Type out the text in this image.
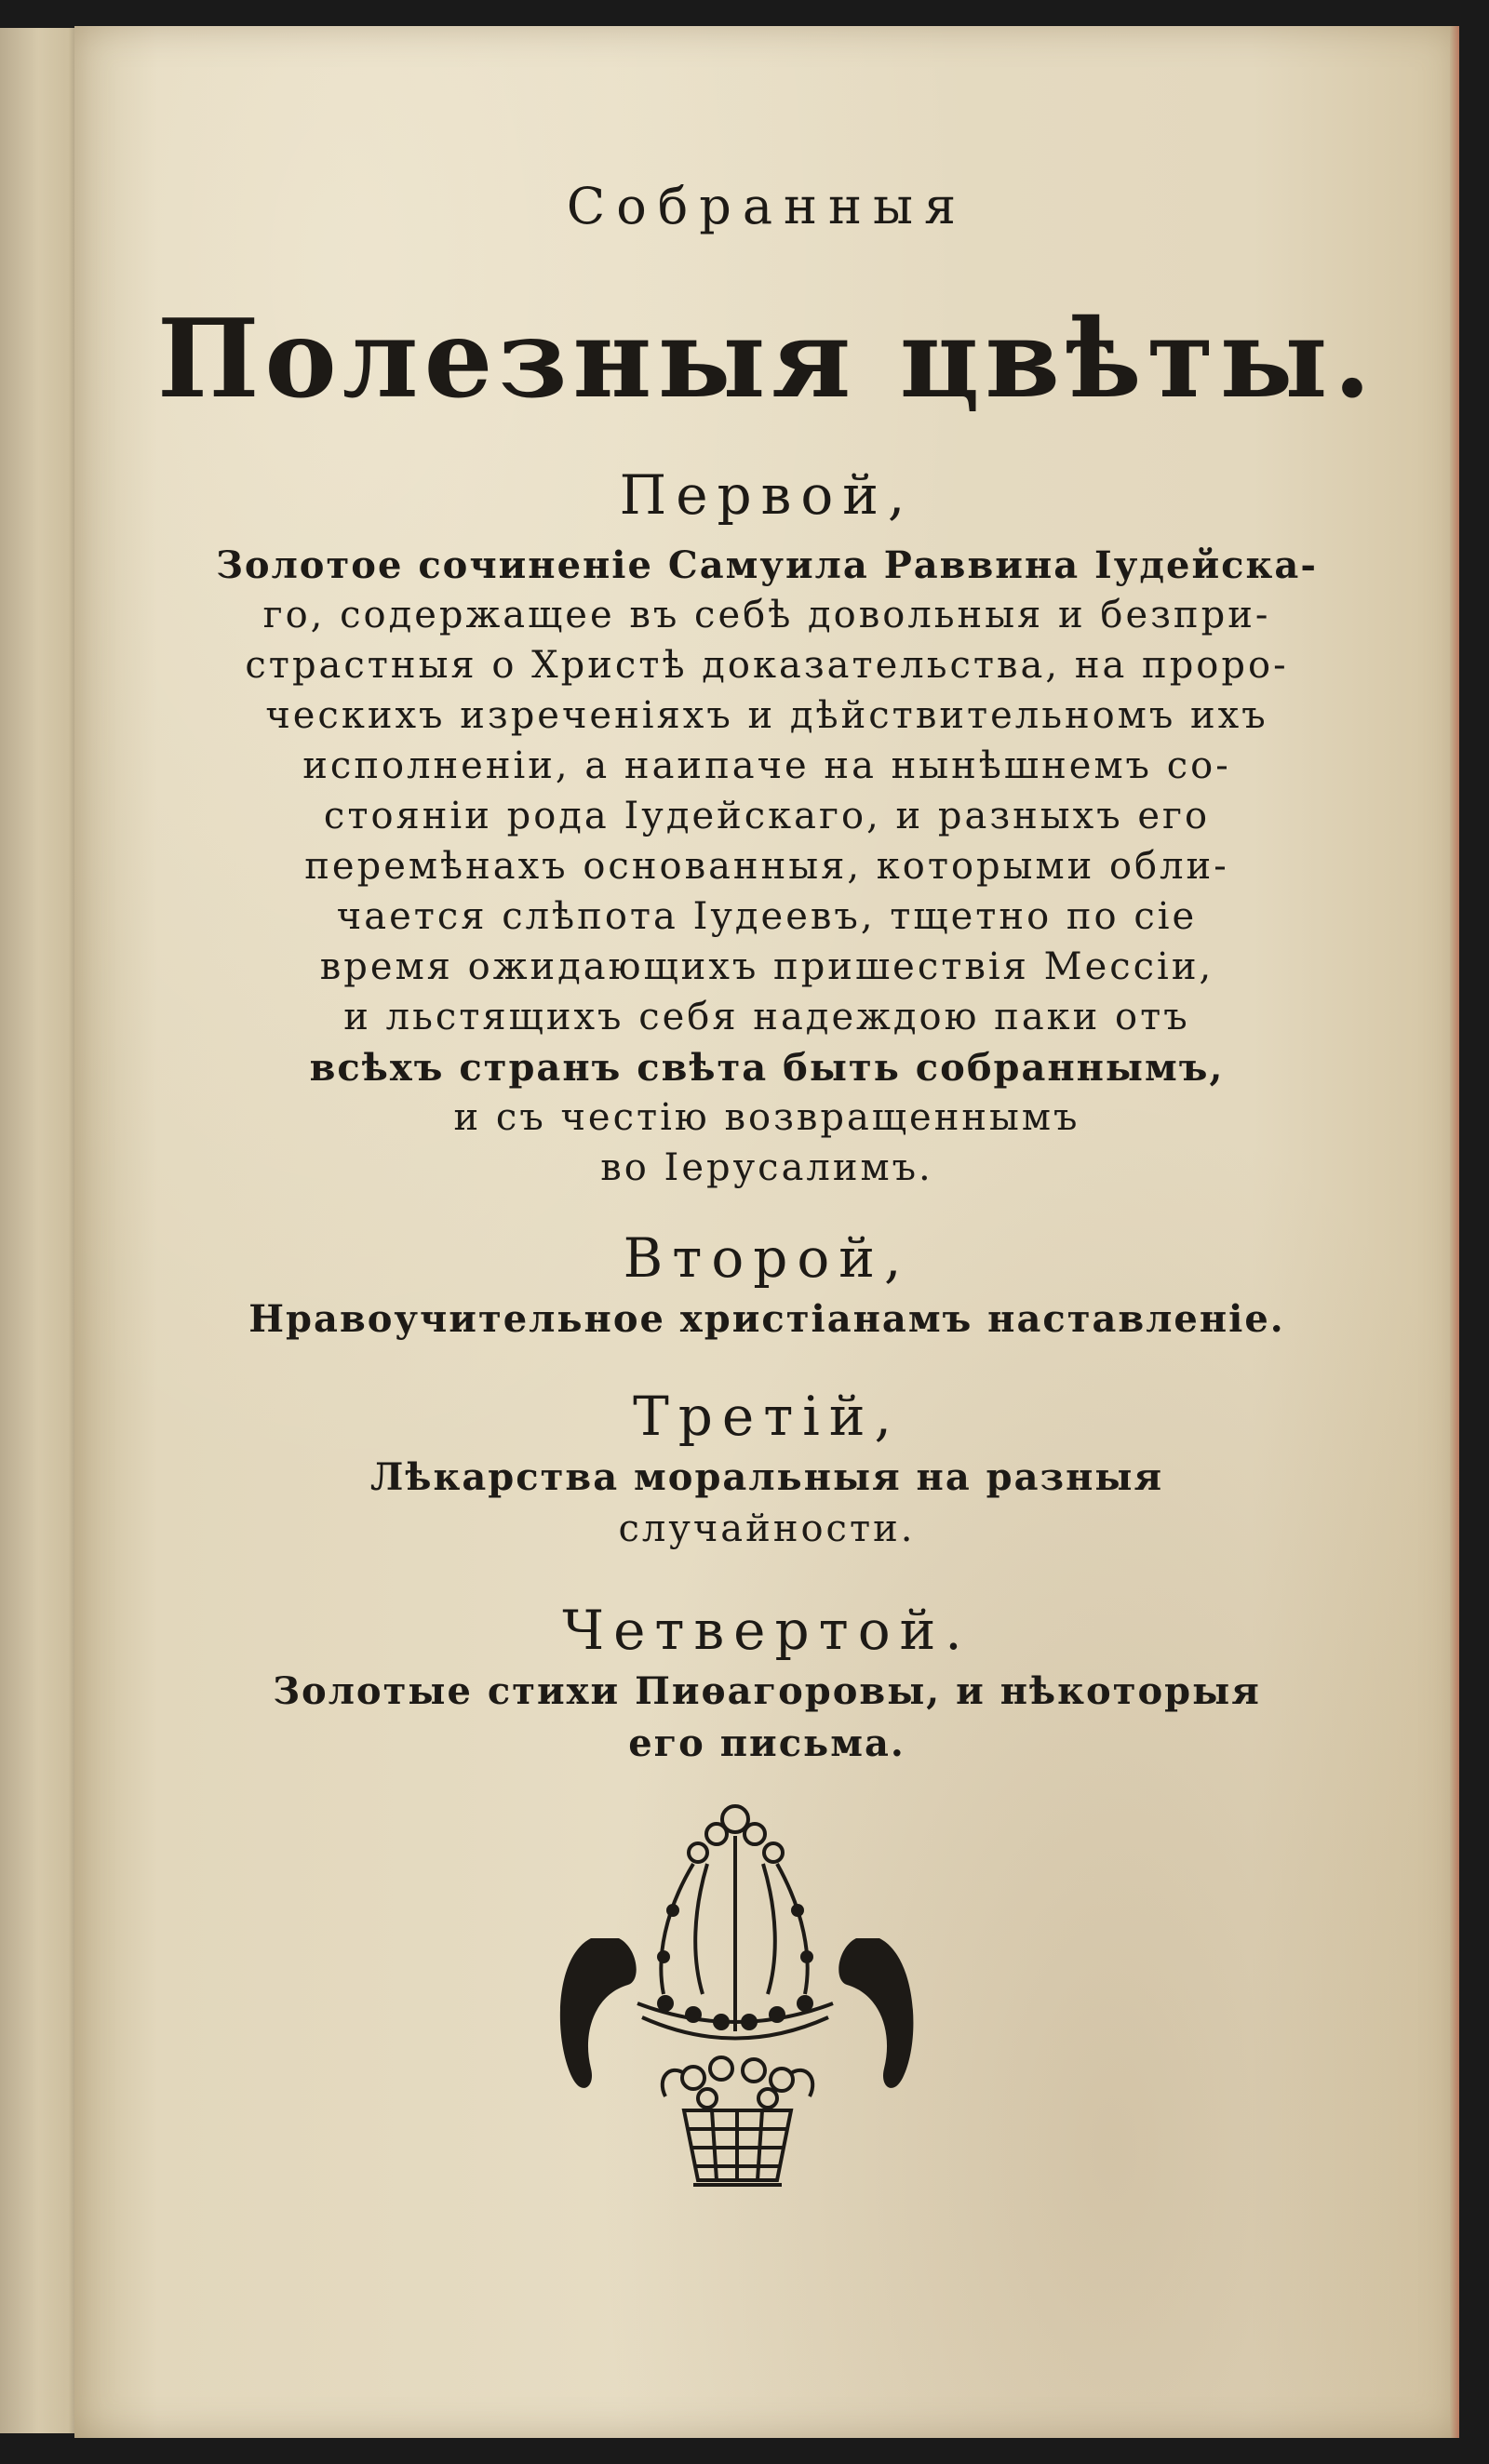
Собранныя
Полезныя цвѣты.
Первой,
Золотое сочиненiе Самуила Раввина Iудейска-
го, содержащее въ себѣ довольныя и безпри-
страстныя о Христѣ доказательства, на проро-
ческихъ изреченiяхъ и дѣйствительномъ ихъ
исполненiи, а наипаче на нынѣшнемъ со-
стоянiи рода Iудейскаго, и разныхъ его
перемѣнахъ основанныя, которыми обли-
чается слѣпота Iудеевъ, тщетно по сiе
время ожидающихъ пришествiя Мессiи,
и льстящихъ себя надеждою паки отъ
всѣхъ странъ свѣта быть собраннымъ,
и съ честiю возвращеннымъ
во Iерусалимъ.
Второй,
Нравоучительное христiанамъ наставленiе.
Третiй,
Лѣкарства моральныя на разныя
случайности.
Четвертой.
Золотые стихи Пиѳагоровы, и нѣкоторыя
его письма.
